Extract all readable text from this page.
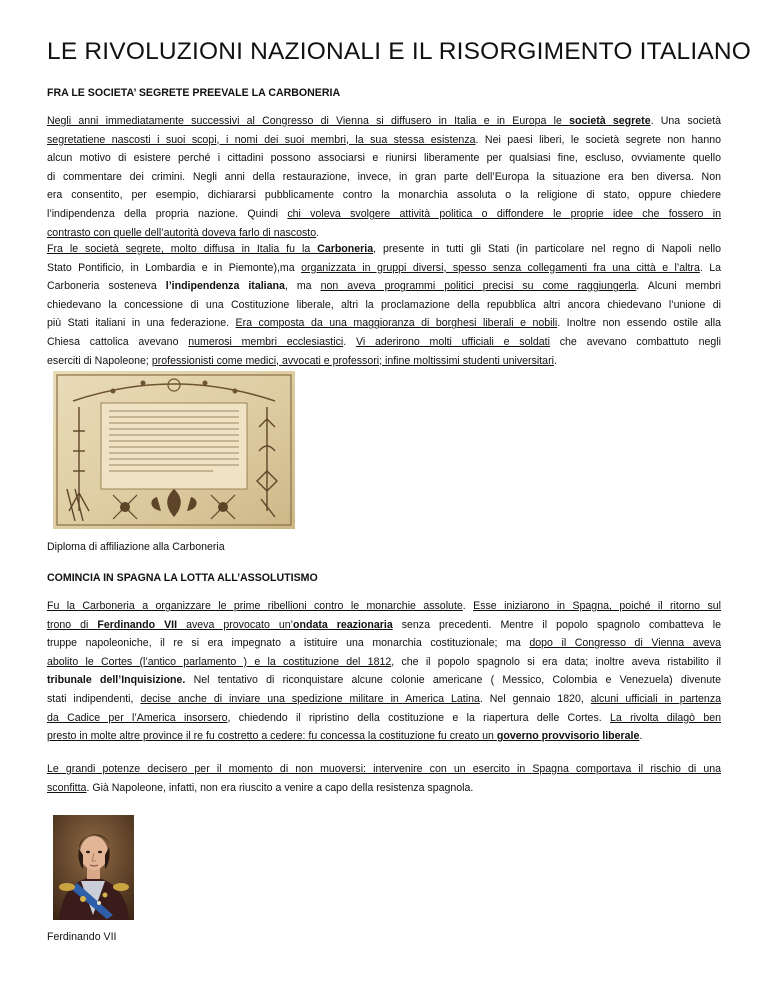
LE RIVOLUZIONI NAZIONALI E IL RISORGIMENTO ITALIANO
FRA LE SOCIETA’ SEGRETE PREEVALE LA CARBONERIA
Negli anni immediatamente successivi al Congresso di Vienna si diffusero in Italia e in Europa le società segrete. Una società
segretatiene nascosti i suoi scopi, i nomi dei suoi membri, la sua stessa esistenza. Nei paesi liberi, le società segrete non hanno
alcun motivo di esistere perché i cittadini possono associarsi e riunirsi liberamente per qualsiasi fine, escluso, ovviamente quello
di commentare dei crimini. Negli anni della restaurazione, invece, in gran parte dell’Europa la situazione era ben diversa. Non
era consentito, per esempio, dichiararsi pubblicamente contro la monarchia assoluta o la religione di stato, oppure chiedere
l’indipendenza della propria nazione. Quindi chi voleva svolgere attività politica o diffondere le proprie idee che fossero in
contrasto con quelle dell’autorità doveva farlo di nascosto.
Fra le società segrete, molto diffusa in Italia fu la Carboneria, presente in tutti gli Stati (in particolare nel regno di Napoli nello
Stato Pontificio, in Lombardia e in Piemonte),ma organizzata in gruppi diversi, spesso senza collegamenti fra una città e l’altra. La
Carboneria sosteneva l’indipendenza italiana, ma non aveva programmi politici precisi su come raggiungerla. Alcuni membri
chiedevano la concessione di una Costituzione liberale, altri la proclamazione della repubblica altri ancora chiedevano l’unione di
più Stati italiani in una federazione. Era composta da una maggioranza di borghesi liberali e nobili. Inoltre non essendo ostile alla
Chiesa cattolica avevano numerosi membri ecclesiastici. Vi aderirono molti ufficiali e soldati che avevano combattuto negli
eserciti di Napoleone; professionisti come medici, avvocati e professori; infine moltissimi studenti universitari.
Diploma di affiliazione alla Carboneria
COMINCIA IN SPAGNA LA LOTTA ALL’ASSOLUTISMO
Fu la Carboneria a organizzare le prime ribellioni contro le monarchie assolute. Esse iniziarono in Spagna, poiché il ritorno sul
trono di Ferdinando VII aveva provocato un’ondata reazionaria senza precedenti. Mentre il popolo spagnolo combatteva le
truppe napoleoniche, il re si era impegnato a istituire una monarchia costituzionale; ma dopo il Congresso di Vienna aveva
abolito le Cortes (l’antico parlamento ) e la costituzione del 1812, che il popolo spagnolo si era data; inoltre aveva ristabilito il
tribunale dell’Inquisizione. Nel tentativo di riconquistare alcune colonie americane ( Messico, Colombia e Venezuela) divenute
stati indipendenti, decise anche di inviare una spedizione militare in America Latina. Nel gennaio 1820, alcuni ufficiali in partenza
da Cadice per l’America insorsero, chiedendo il ripristino della costituzione e la riapertura delle Cortes. La rivolta dilagò ben
presto in molte altre province il re fu costretto a cedere: fu concessa la costituzione fu creato un governo provvisorio liberale.
Le grandi potenze decisero per il momento di non muoversi: intervenire con un esercito in Spagna comportava il rischio di una
sconfitta. Già Napoleone, infatti, non era riuscito a venire a capo della resistenza spagnola.
Ferdinando VII
